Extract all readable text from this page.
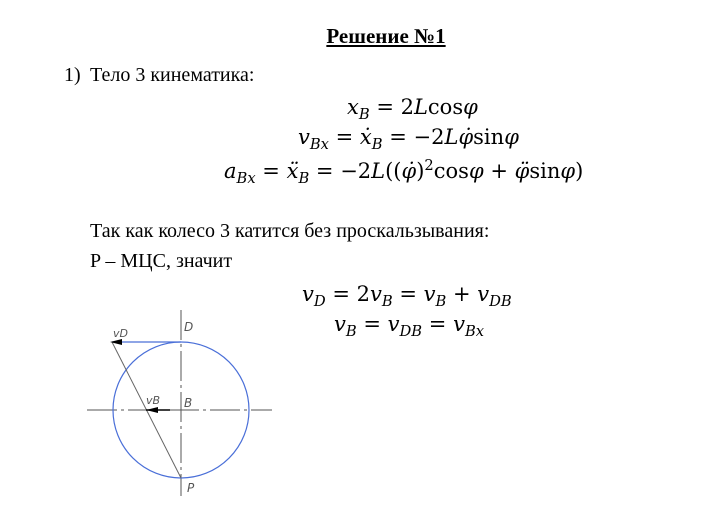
Решение №1
1) Тело 3 кинематика:
$x_B = 2Lcos\varphi$
$v_{Bx}$ = ẋ$_B$ = −2Lφ̇sinφ
$a_{Bx}$ = ẍ$_B$ = −2L((φ̇)$^2$cosφ + φ̈sinφ)
Так как колесо 3 катится без проскальзывания:
P – МЦС, значит
$v_D = 2v_B = v_B + v_{DB}$
$v_B = v_{DB} = v_{Bx}$
D
B
P
vD
vB
